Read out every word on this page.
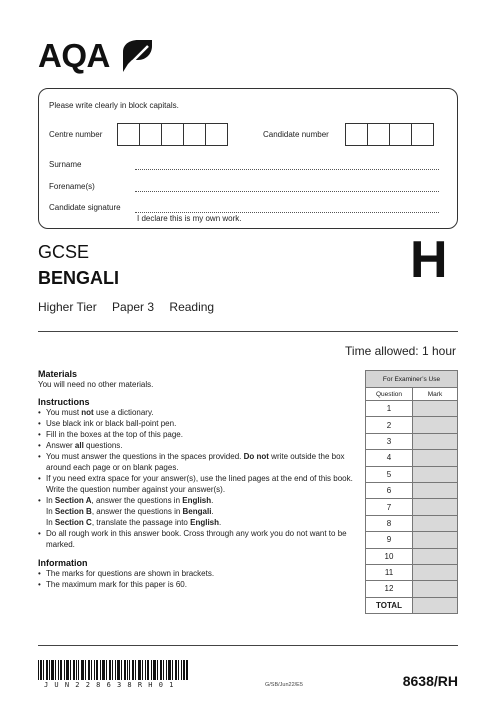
AQA
Please write clearly in block capitals.
Centre number	Candidate number
Surname
Forename(s)
Candidate signature
I declare this is my own work.
GCSE
BENGALI	H
Higher Tier Paper 3 Reading
Time allowed: 1 hour
Materials
You will need no other materials.
Instructions
• You must not use a dictionary.
• Use black ink or black ball-point pen.
• Fill in the boxes at the top of this page.
• Answer all questions.
• You must answer the questions in the spaces provided. Do not write outside the box around each page or on blank pages.
• If you need extra space for your answer(s), use the lined pages at the end of this book. Write the question number against your answer(s).
• In Section A, answer the questions in English.
In Section B, answer the questions in Bengali.
In Section C, translate the passage into English.
• Do all rough work in this answer book. Cross through any work you do not want to be marked.
Information
• The marks for questions are shown in brackets.
• The maximum mark for this paper is 60.
For Examiner’s Use	
Question	Mark
1	
2	
3	
4	
5	
6	
7	
8	
9	
10	
11	
12	
TOTAL	
J U N 2 2 8 6 3 8 R H 0 1	G/SB/Jun22/E5	8638/RH
